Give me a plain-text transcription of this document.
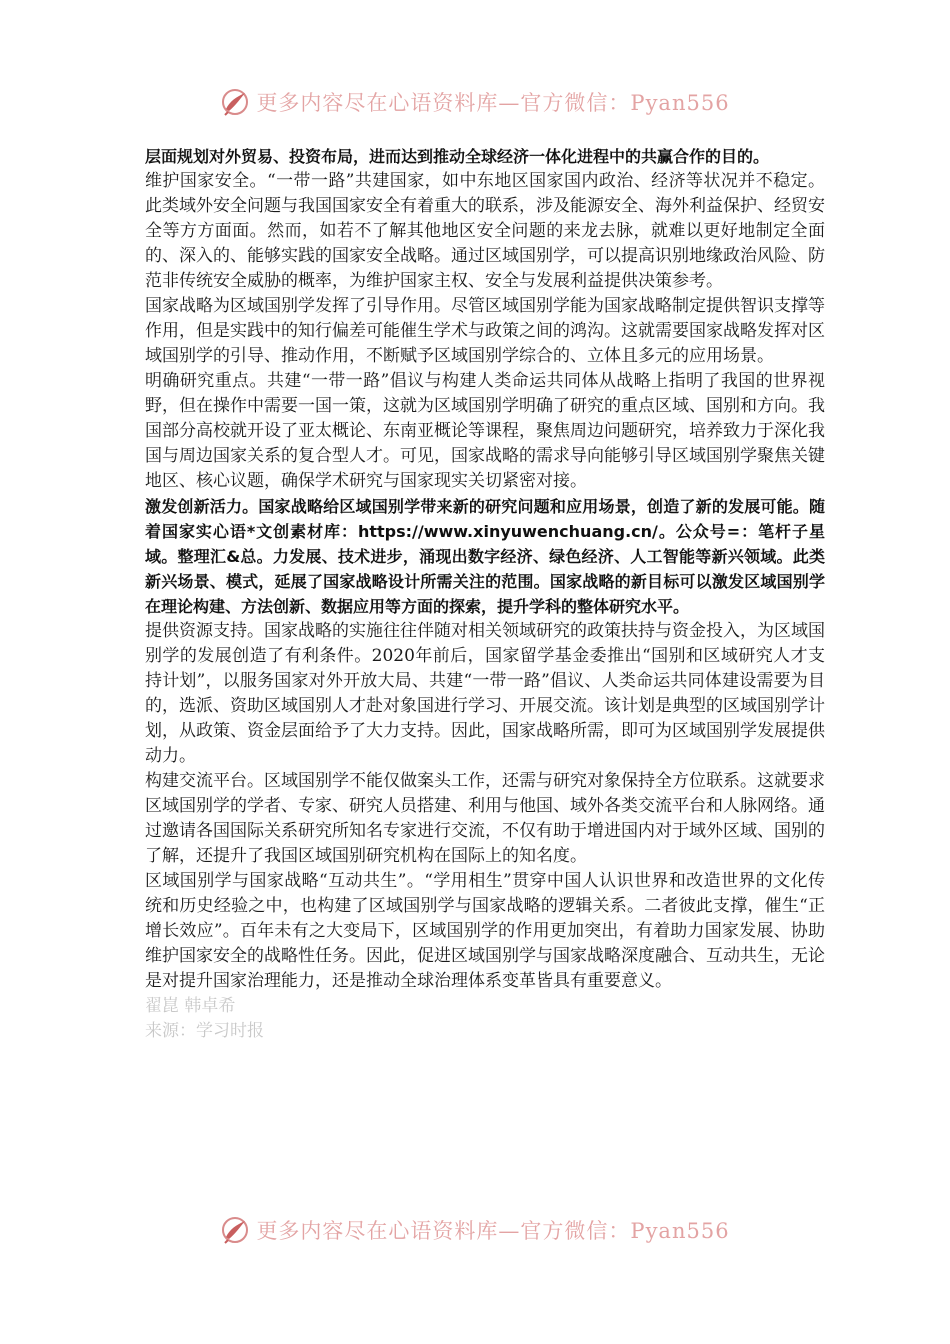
更多内容尽在心语资料库—官方微信：Pyan556

层面规划对外贸易、投资布局，进而达到推动全球经济一体化进程中的共赢合作的目的。

维护国家安全。“一带一路”共建国家，如中东地区国家国内政治、经济等状况并不稳定。此类域外安全问题与我国国家安全有着重大的联系，涉及能源安全、海外利益保护、经贸安全等方方面面。然而，如若不了解其他地区安全问题的来龙去脉，就难以更好地制定全面的、深入的、能够实践的国家安全战略。通过区域国别学，可以提高识别地缘政治风险、防范非传统安全威胁的概率，为维护国家主权、安全与发展利益提供决策参考。

国家战略为区域国别学发挥了引导作用。尽管区域国别学能为国家战略制定提供智识支撑等作用，但是实践中的知行偏差可能催生学术与政策之间的鸿沟。这就需要国家战略发挥对区域国别学的引导、推动作用，不断赋予区域国别学综合的、立体且多元的应用场景。

明确研究重点。共建“一带一路”倡议与构建人类命运共同体从战略上指明了我国的世界视野，但在操作中需要一国一策，这就为区域国别学明确了研究的重点区域、国别和方向。我国部分高校就开设了亚太概论、东南亚概论等课程，聚焦周边问题研究，培养致力于深化我国与周边国家关系的复合型人才。可见，国家战略的需求导向能够引导区域国别学聚焦关键地区、核心议题，确保学术研究与国家现实关切紧密对接。

激发创新活力。国家战略给区域国别学带来新的研究问题和应用场景，创造了新的发展可能。随着国家实心语*文创素材库：https://www.xinyuwenchuang.cn/。公众号=：笔杆子星域。整理汇&总。力发展、技术进步，涌现出数字经济、绿色经济、人工智能等新兴领域。此类新兴场景、模式，延展了国家战略设计所需关注的范围。国家战略的新目标可以激发区域国别学在理论构建、方法创新、数据应用等方面的探索，提升学科的整体研究水平。

提供资源支持。国家战略的实施往往伴随对相关领域研究的政策扶持与资金投入，为区域国别学的发展创造了有利条件。2020年前后，国家留学基金委推出“国别和区域研究人才支持计划”，以服务国家对外开放大局、共建“一带一路”倡议、人类命运共同体建设需要为目的，选派、资助区域国别人才赴对象国进行学习、开展交流。该计划是典型的区域国别学计划，从政策、资金层面给予了大力支持。因此，国家战略所需，即可为区域国别学发展提供动力。

构建交流平台。区域国别学不能仅做案头工作，还需与研究对象保持全方位联系。这就要求区域国别学的学者、专家、研究人员搭建、利用与他国、域外各类交流平台和人脉网络。通过邀请各国国际关系研究所知名专家进行交流，不仅有助于增进国内对于域外区域、国别的了解，还提升了我国区域国别研究机构在国际上的知名度。

区域国别学与国家战略“互动共生”。“学用相生”贯穿中国人认识世界和改造世界的文化传统和历史经验之中，也构建了区域国别学与国家战略的逻辑关系。二者彼此支撑，催生“正增长效应”。百年未有之大变局下，区域国别学的作用更加突出，有着助力国家发展、协助维护国家安全的战略性任务。因此，促进区域国别学与国家战略深度融合、互动共生，无论是对提升国家治理能力，还是推动全球治理体系变革皆具有重要意义。

翟崑 韩卓希

来源：学习时报

更多内容尽在心语资料库—官方微信：Pyan556
